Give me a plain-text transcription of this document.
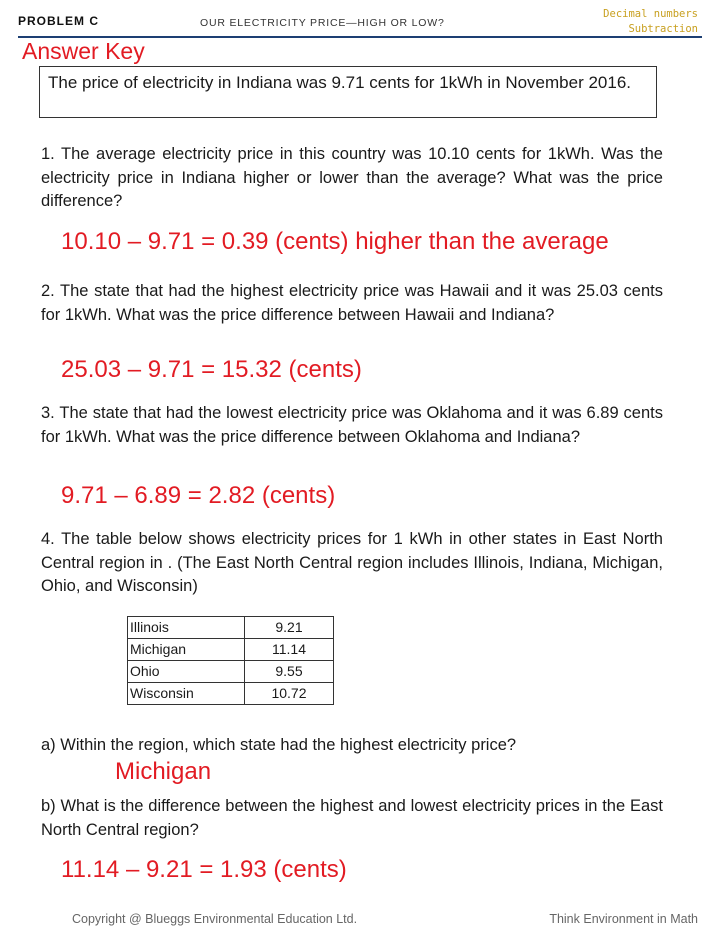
PROBLEM C	OUR ELECTRICITY PRICE—HIGH OR LOW?
Decimal numbers
Subtraction
Answer Key
The price of electricity in Indiana was 9.71 cents for 1kWh in November 2016.
1. The average electricity price in this country was 10.10 cents for 1kWh. Was the electricity price in Indiana higher or lower than the average? What was the price difference?
10.10 – 9.71 = 0.39 (cents) higher than the average
2. The state that had the highest electricity price was Hawaii and it was 25.03 cents for 1kWh. What was the price difference between Hawaii and Indiana?
25.03 – 9.71 = 15.32 (cents)
3. The state that had the lowest electricity price was Oklahoma and it was 6.89 cents for 1kWh. What was the price difference between Oklahoma and Indiana?
9.71 – 6.89 = 2.82 (cents)
4. The table below shows electricity prices for 1 kWh in other states in East North Central region in . (The East North Central region includes Illinois, Indiana, Michigan, Ohio, and Wisconsin)
Illinois	9.21
Michigan	11.14
Ohio	9.55
Wisconsin	10.72
a) Within the region, which state had the highest electricity price?
Michigan
b) What is the difference between the highest and lowest electricity prices in the East North Central region?
11.14 – 9.21 = 1.93 (cents)
Copyright @ Blueggs Environmental Education Ltd.	Think Environment in Math
